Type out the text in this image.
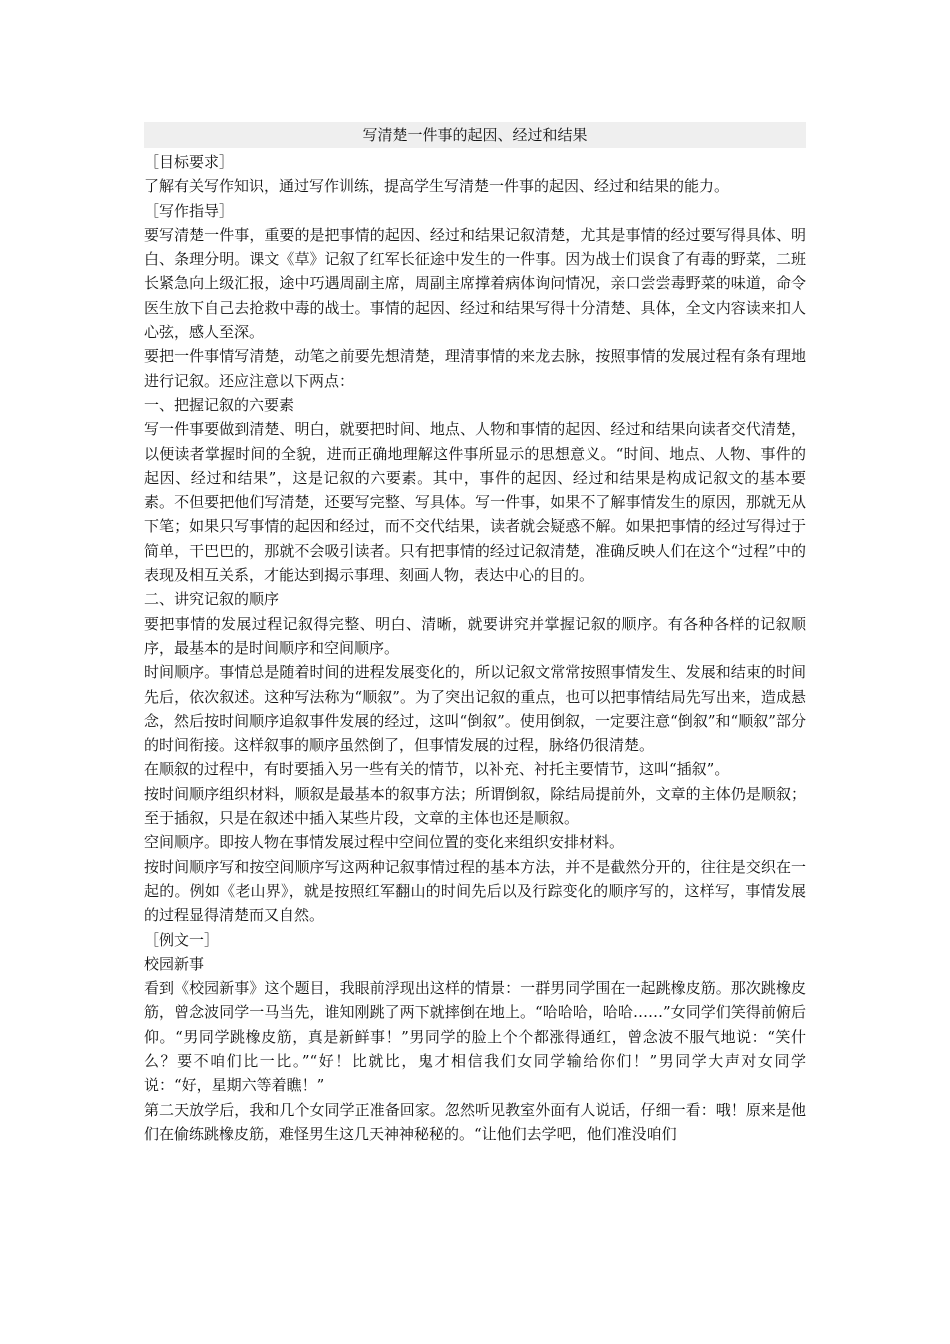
写清楚一件事的起因、经过和结果

［目标要求］

了解有关写作知识，通过写作训练，提高学生写清楚一件事的起因、经过和结果的能力。

［写作指导］

要写清楚一件事，重要的是把事情的起因、经过和结果记叙清楚，尤其是事情的经过要写得具体、明白、条理分明。课文《草》记叙了红军长征途中发生的一件事。因为战士们误食了有毒的野菜，二班长紧急向上级汇报，途中巧遇周副主席，周副主席撑着病体询问情况，亲口尝尝毒野菜的味道，命令医生放下自己去抢救中毒的战士。事情的起因、经过和结果写得十分清楚、具体，全文内容读来扣人心弦，感人至深。

要把一件事情写清楚，动笔之前要先想清楚，理清事情的来龙去脉，按照事情的发展过程有条有理地进行记叙。还应注意以下两点：

一、把握记叙的六要素

写一件事要做到清楚、明白，就要把时间、地点、人物和事情的起因、经过和结果向读者交代清楚，以便读者掌握时间的全貌，进而正确地理解这件事所显示的思想意义。“时间、地点、人物、事件的起因、经过和结果”，这是记叙的六要素。其中，事件的起因、经过和结果是构成记叙文的基本要素。不但要把他们写清楚，还要写完整、写具体。写一件事，如果不了解事情发生的原因，那就无从下笔；如果只写事情的起因和经过，而不交代结果，读者就会疑惑不解。如果把事情的经过写得过于简单，干巴巴的，那就不会吸引读者。只有把事情的经过记叙清楚，准确反映人们在这个“过程”中的表现及相互关系，才能达到揭示事理、刻画人物，表达中心的目的。

二、讲究记叙的顺序

要把事情的发展过程记叙得完整、明白、清晰，就要讲究并掌握记叙的顺序。有各种各样的记叙顺序，最基本的是时间顺序和空间顺序。

时间顺序。事情总是随着时间的进程发展变化的，所以记叙文常常按照事情发生、发展和结束的时间先后，依次叙述。这种写法称为“顺叙”。为了突出记叙的重点，也可以把事情结局先写出来，造成悬念，然后按时间顺序追叙事件发展的经过，这叫“倒叙”。使用倒叙，一定要注意“倒叙”和“顺叙”部分的时间衔接。这样叙事的顺序虽然倒了，但事情发展的过程，脉络仍很清楚。

在顺叙的过程中，有时要插入另一些有关的情节，以补充、衬托主要情节，这叫“插叙”。

按时间顺序组织材料，顺叙是最基本的叙事方法；所谓倒叙，除结局提前外，文章的主体仍是顺叙；至于插叙，只是在叙述中插入某些片段，文章的主体也还是顺叙。

空间顺序。即按人物在事情发展过程中空间位置的变化来组织安排材料。

按时间顺序写和按空间顺序写这两种记叙事情过程的基本方法，并不是截然分开的，往往是交织在一起的。例如《老山界》，就是按照红军翻山的时间先后以及行踪变化的顺序写的，这样写，事情发展的过程显得清楚而又自然。

［例文一］

校园新事

看到《校园新事》这个题目，我眼前浮现出这样的情景：一群男同学围在一起跳橡皮筋。那次跳橡皮筋，曾念波同学一马当先，谁知刚跳了两下就摔倒在地上。“哈哈哈，哈哈……”女同学们笑得前俯后仰。“男同学跳橡皮筋，真是新鲜事！”男同学的脸上个个都涨得通红，曾念波不服气地说：“笑什么？要不咱们比一比。”“好！比就比，鬼才相信我们女同学输给你们！”男同学大声对女同学说：“好，星期六等着瞧！”

第二天放学后，我和几个女同学正准备回家。忽然听见教室外面有人说话，仔细一看：哦！原来是他们在偷练跳橡皮筋，难怪男生这几天神神秘秘的。“让他们去学吧，他们准没咱们
